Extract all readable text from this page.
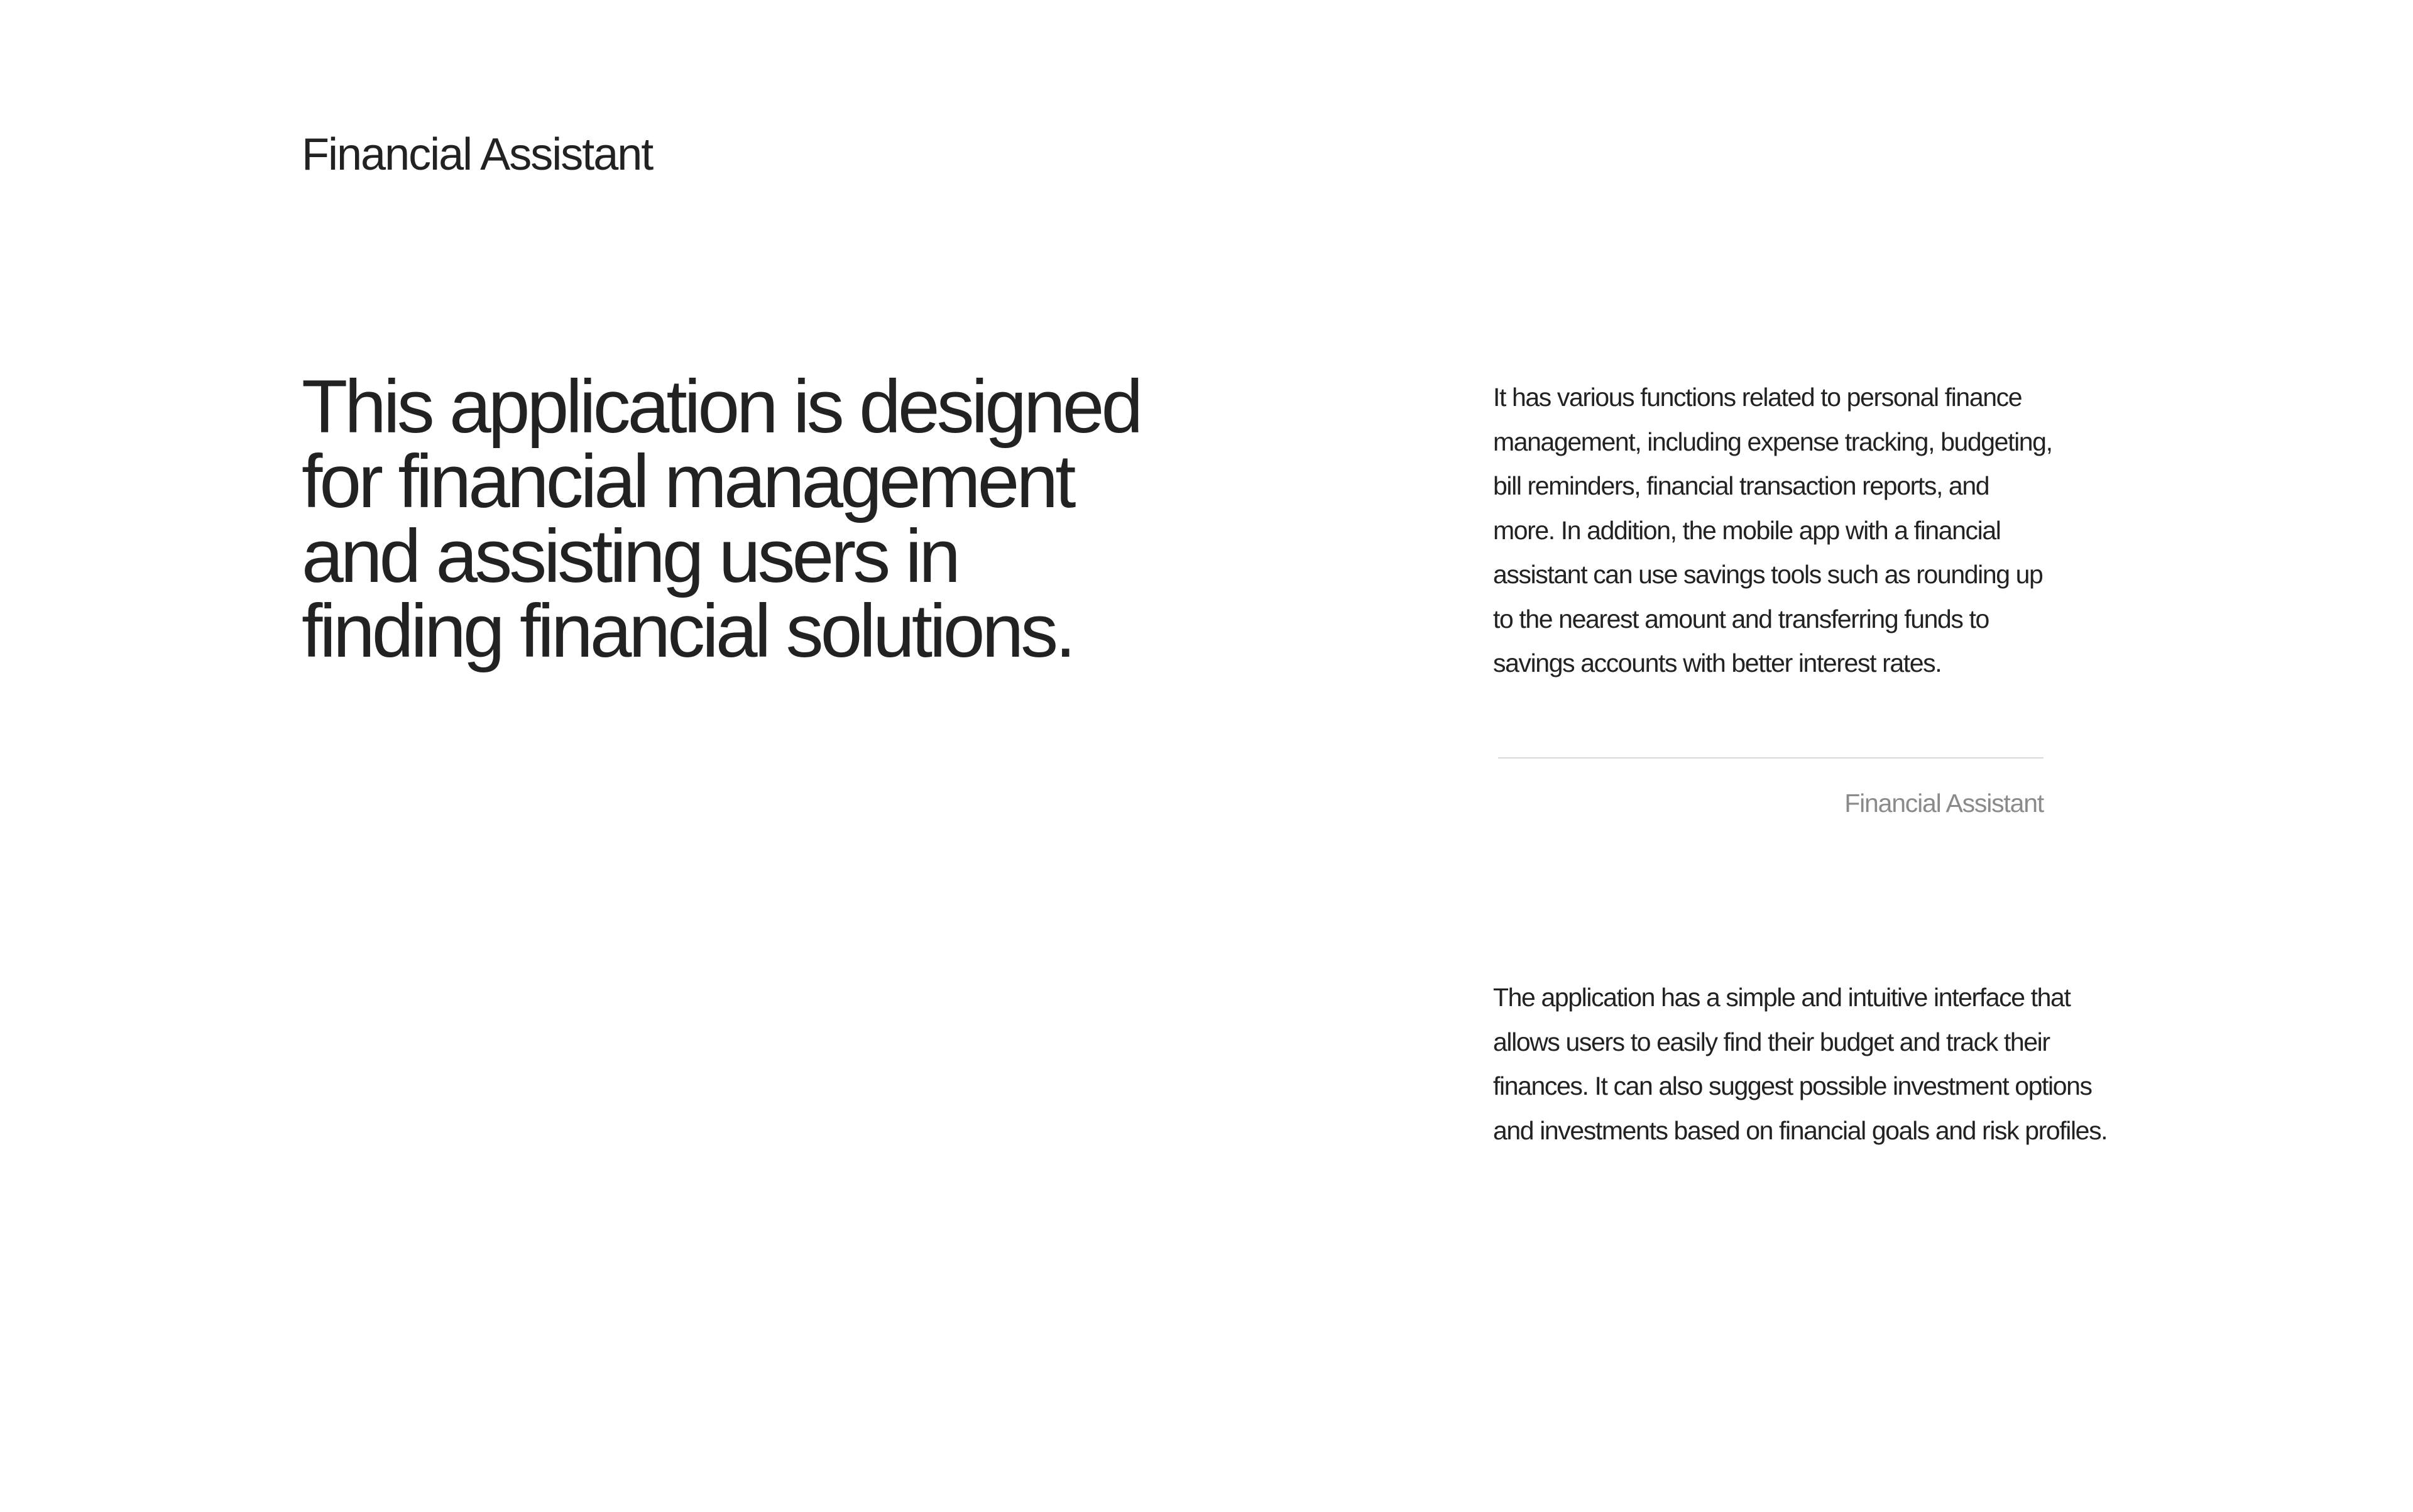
Financial Assistant
This application is designed
for financial management
and assisting users in
finding financial solutions.

It has various functions related to personal finance
management, including expense tracking, budgeting,
bill reminders, financial transaction reports, and
more. In addition, the mobile app with a financial
assistant can use savings tools such as rounding up
to the nearest amount and transferring funds to
savings accounts with better interest rates.

Financial Assistant

The application has a simple and intuitive interface that
allows users to easily find their budget and track their
finances. It can also suggest possible investment options
and investments based on financial goals and risk profiles.
